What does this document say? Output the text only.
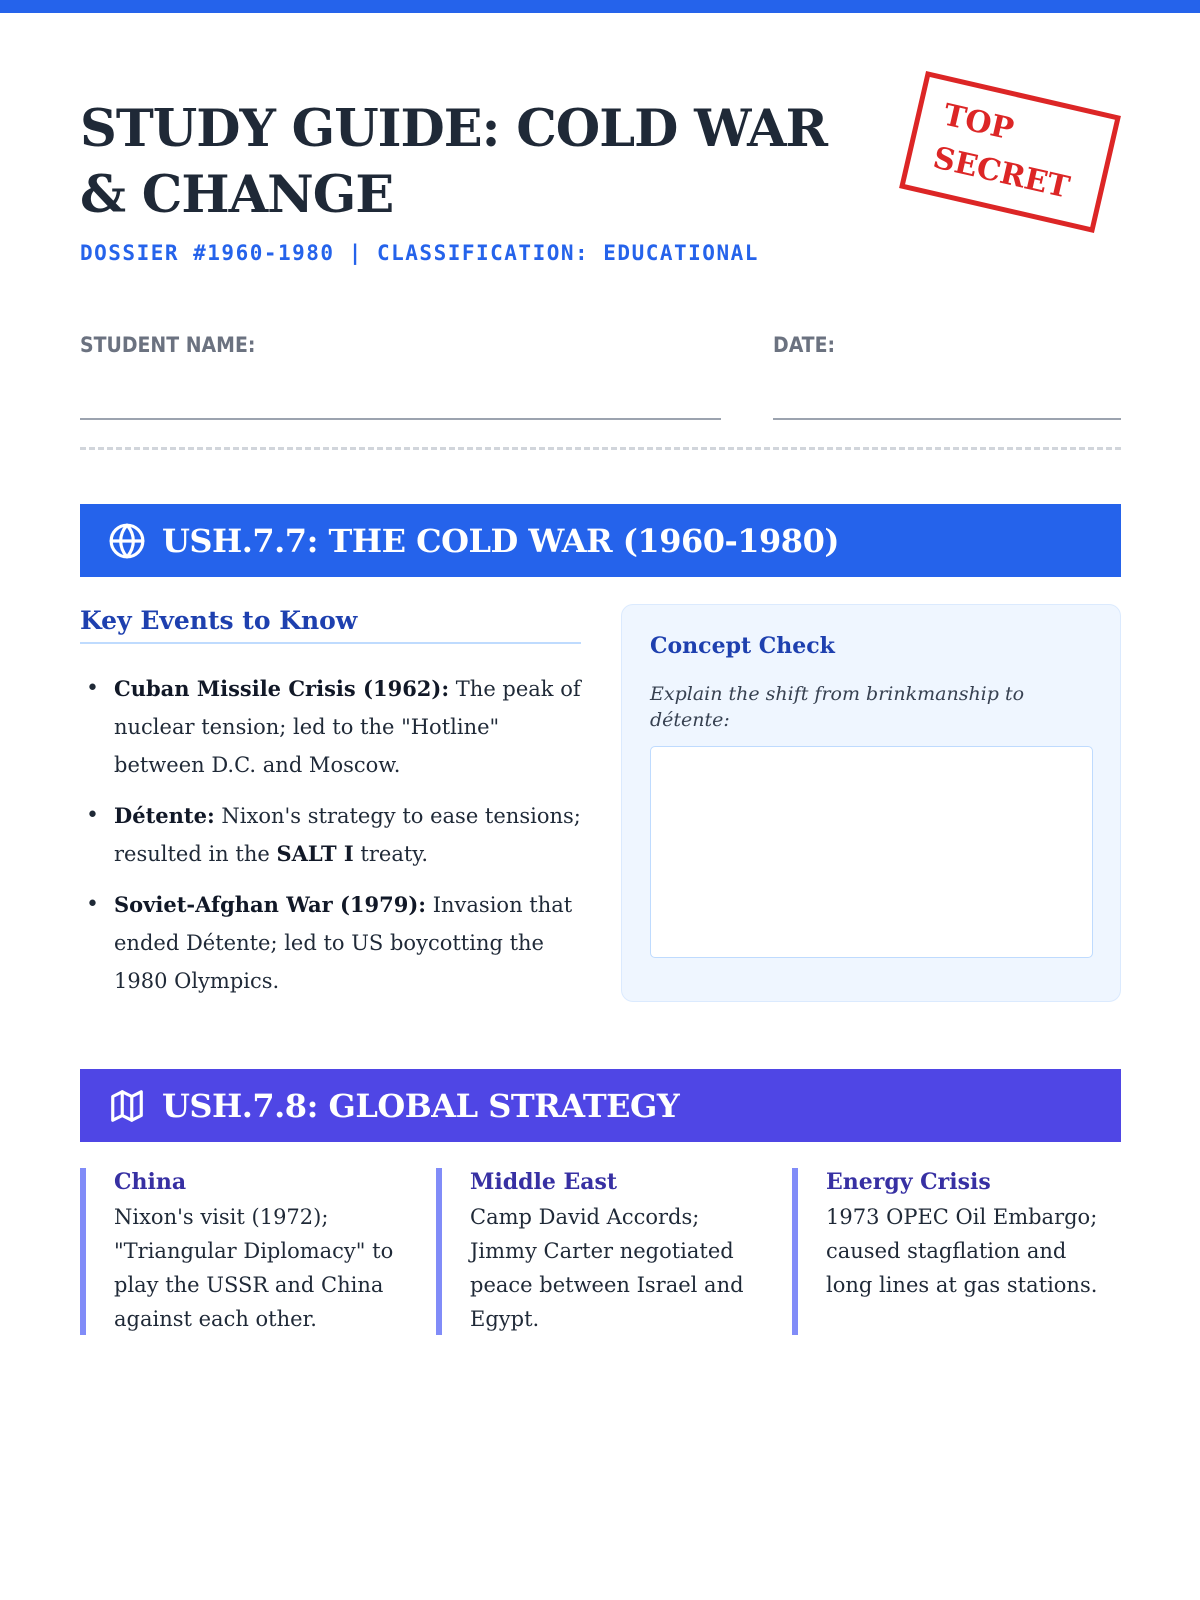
STUDY GUIDE: COLD WAR & CHANGE

DOSSIER #1960-1980 | CLASSIFICATION: EDUCATIONAL

TOP
SECRET

STUDENT NAME:	DATE:

USH.7.7: THE COLD WAR (1960-1980)
Key Events to Know
• Cuban Missile Crisis (1962): The peak of nuclear tension; led to the "Hotline" between D.C. and Moscow.
• Détente: Nixon's strategy to ease tensions; resulted in the SALT I treaty.
• Soviet-Afghan War (1979): Invasion that ended Détente; led to US boycotting the 1980 Olympics.
Concept Check

Explain the shift from brinkmanship to détente:

USH.7.8: GLOBAL STRATEGY
China

Nixon's visit (1972); "Triangular Diplomacy" to play the USSR and China against each other.

Middle East

Camp David Accords; Jimmy Carter negotiated peace between Israel and Egypt.

Energy Crisis

1973 OPEC Oil Embargo; caused stagflation and long lines at gas stations.
